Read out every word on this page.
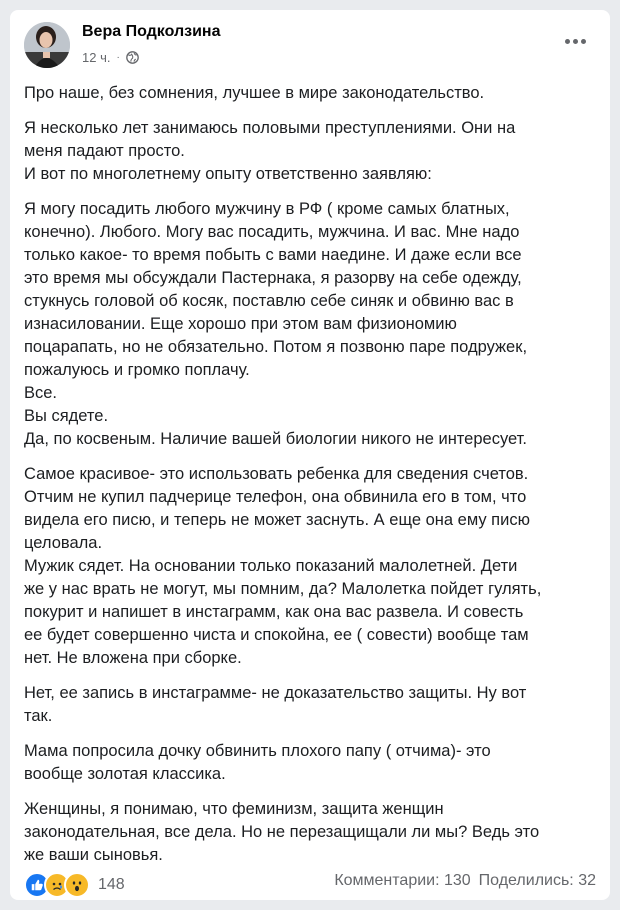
Вера Подколзина
12 ч. ·
Про наше, без сомнения, лучшее в мире законодательство.
Я несколько лет занимаюсь половыми преступлениями. Они на
меня падают просто.
И вот по многолетнему опыту ответственно заявляю:
Я могу посадить любого мужчину в РФ ( кроме самых блатных,
конечно). Любого. Могу вас посадить, мужчина. И вас. Мне надо
только какое- то время побыть с вами наедине. И даже если все
это время мы обсуждали Пастернака, я разорву на себе одежду,
стукнусь головой об косяк, поставлю себе синяк и обвиню вас в
изнасиловании. Еще хорошо при этом вам физиономию
поцарапать, но не обязательно. Потом я позвоню паре подружек,
пожалуюсь и громко поплачу.
Все.
Вы сядете.
Да, по косвеным. Наличие вашей биологии никого не интересует.
Самое красивое- это использовать ребенка для сведения счетов.
Отчим не купил падчерице телефон, она обвинила его в том, что
видела его писю, и теперь не может заснуть. А еще она ему писю
целовала.
Мужик сядет. На основании только показаний малолетней. Дети
же у нас врать не могут, мы помним, да? Малолетка пойдет гулять,
покурит и напишет в инстаграмм, как она вас развела. И совесть
ее будет совершенно чиста и спокойна, ее ( совести) вообще там
нет. Не вложена при сборке.
Нет, ее запись в инстаграмме- не доказательство защиты. Ну вот
так.
Мама попросила дочку обвинить плохого папу ( отчима)- это
вообще золотая классика.
Женщины, я понимаю, что феминизм, защита женщин
законодательная, все дела. Но не перезащищали ли мы? Ведь это
же ваши сыновья.
148	Комментарии: 130 Поделились: 32
